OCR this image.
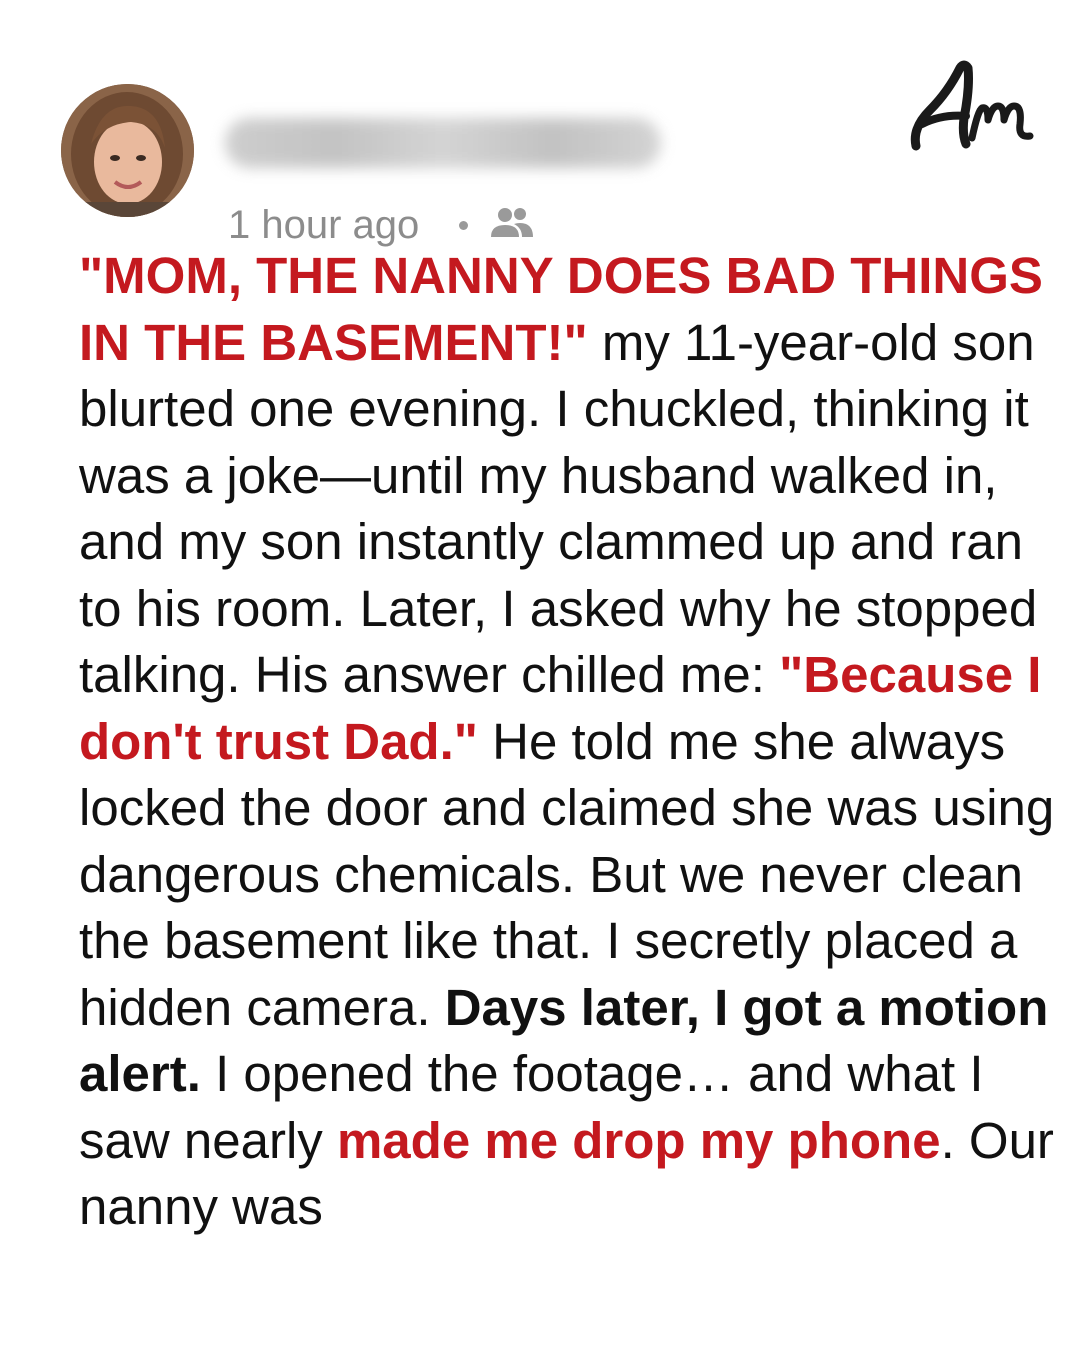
1 hour ago

"MOM, THE NANNY DOES BAD THINGS IN THE BASEMENT!" my 11-year-old son blurted one evening. I chuckled, thinking it was a joke—until my husband walked in, and my son instantly clammed up and ran to his room. Later, I asked why he stopped talking. His answer chilled me: "Because I don't trust Dad." He told me she always locked the door and claimed she was using dangerous chemicals. But we never clean the basement like that. I secretly placed a hidden camera. Days later, I got a motion alert. I opened the footage… and what I saw nearly made me drop my phone. Our nanny was
